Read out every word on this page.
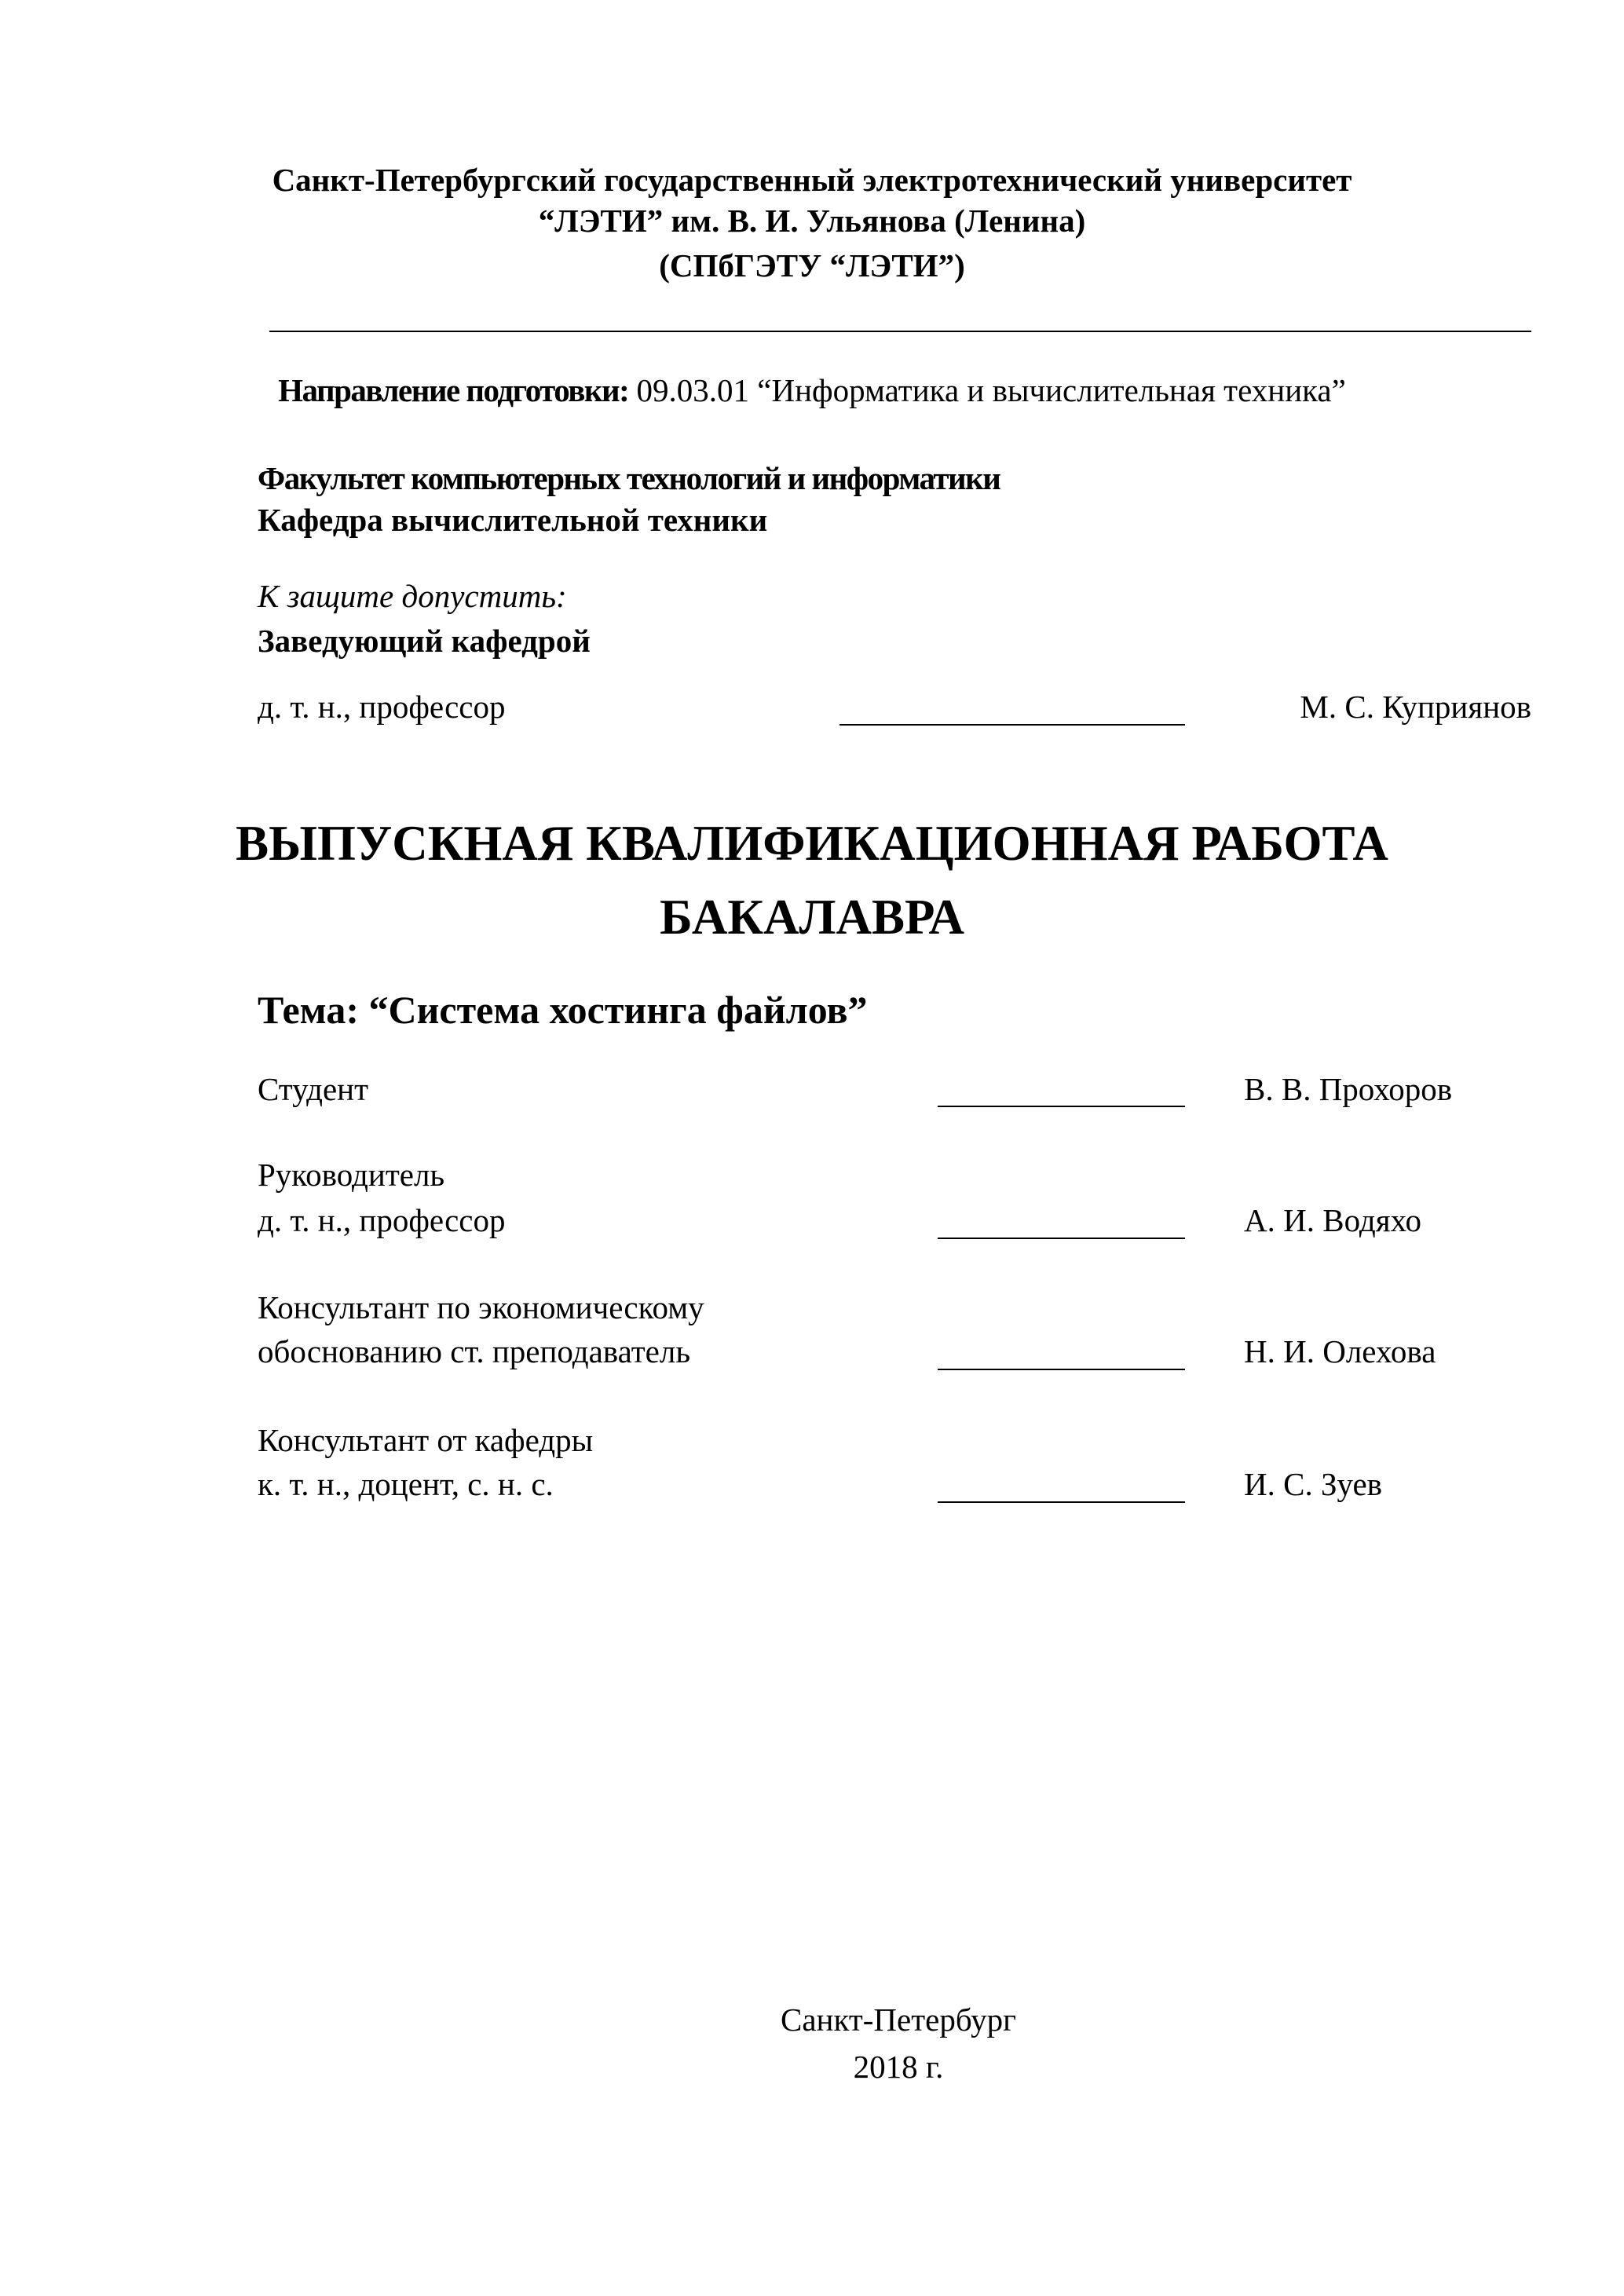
Санкт-Петербургский государственный электротехнический университет
“ЛЭТИ” им. В. И. Ульянова (Ленина)
(СПбГЭТУ “ЛЭТИ”)
Направление подготовки: 09.03.01 “Информатика и вычислительная техника”
Факультет компьютерных технологий и информатики
Кафедра вычислительной техники
К защите допустить:
Заведующий кафедрой
д. т. н., профессор	М. С. Куприянов
ВЫПУСКНАЯ КВАЛИФИКАЦИОННАЯ РАБОТА
БАКАЛАВРА
Тема: “Система хостинга файлов”
Студент	В. В. Прохоров
Руководитель
д. т. н., профессор	А. И. Водяхо
Консультант по экономическому
обоснованию ст. преподаватель	Н. И. Олехова
Консультант от кафедры
к. т. н., доцент, с. н. с.	И. С. Зуев
Санкт-Петербург
2018 г.
